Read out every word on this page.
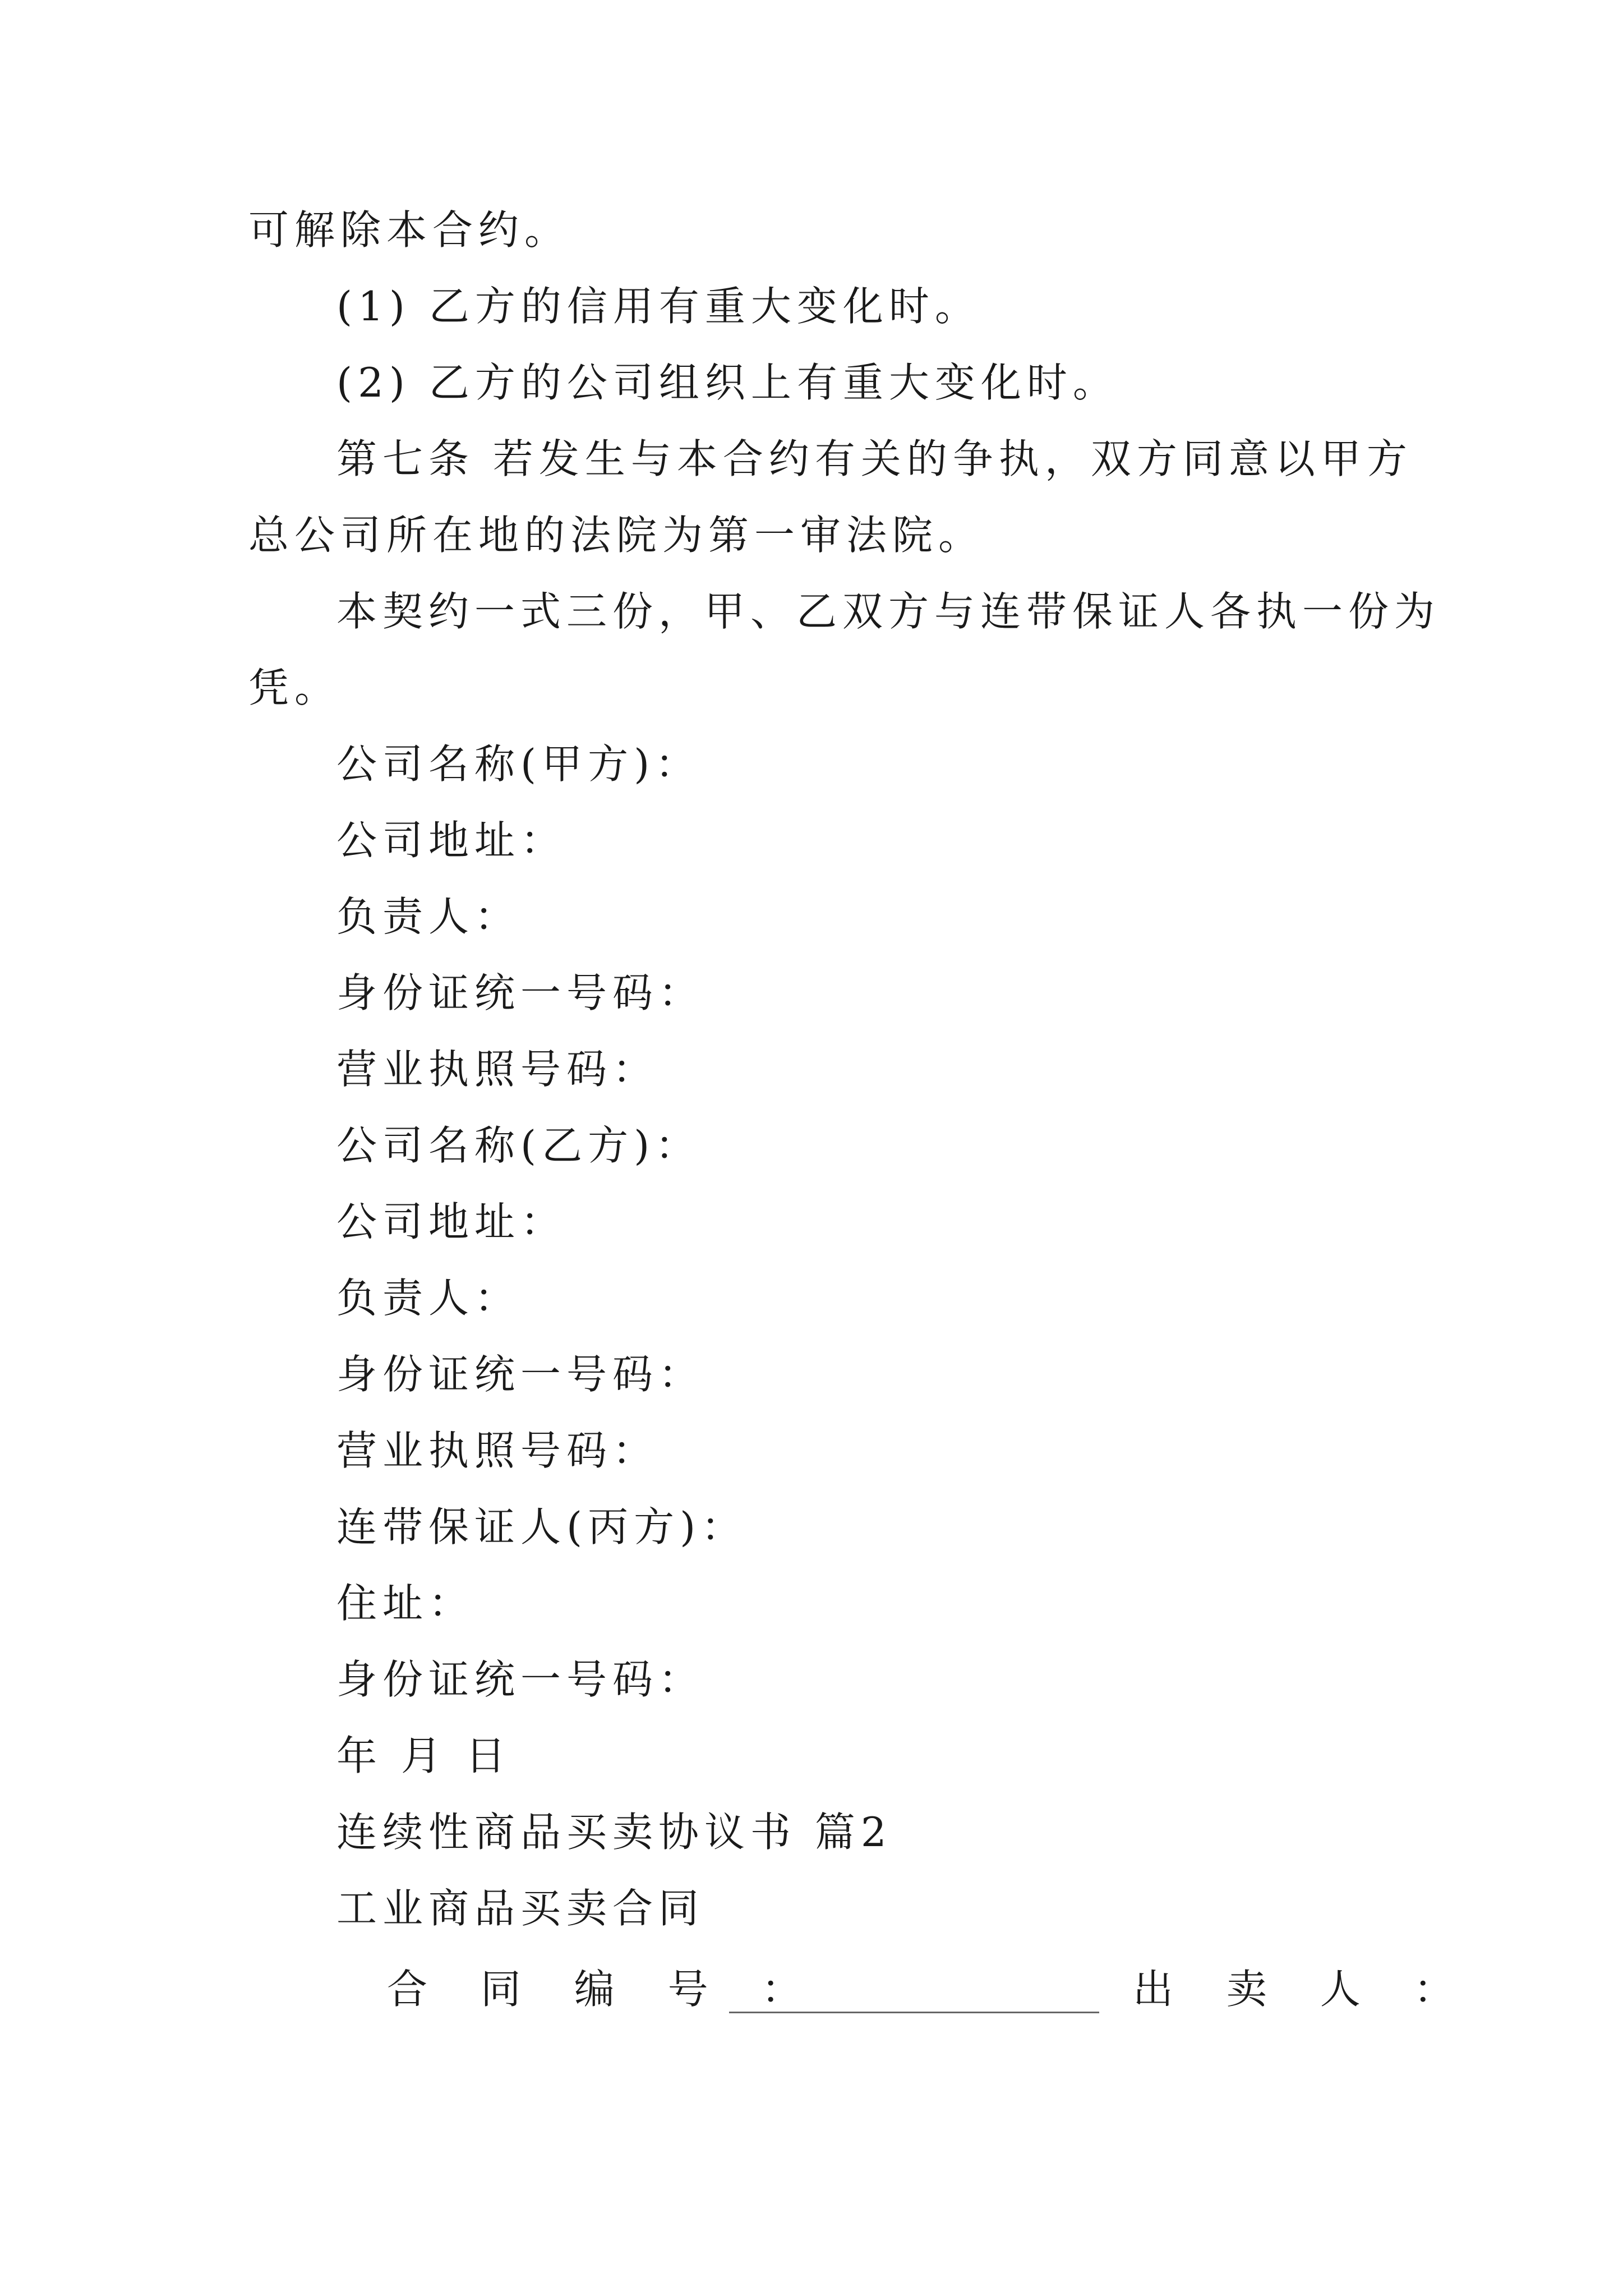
可解除本合约。
(1) 乙方的信用有重大变化时。
(2) 乙方的公司组织上有重大变化时。
第七条 若发生与本合约有关的争执，双方同意以甲方
总公司所在地的法院为第一审法院。
本契约一式三份，甲、乙双方与连带保证人各执一份为
凭。
公司名称(甲方)：
公司地址：
负责人：
身份证统一号码：
营业执照号码：
公司名称(乙方)：
公司地址：
负责人：
身份证统一号码：
营业执照号码：
连带保证人(丙方)：
住址：
身份证统一号码：
年 月 日
连续性商品买卖协议书 篇2
工业商品买卖合同
合 同 编 号 ：	出 卖 人 ：
